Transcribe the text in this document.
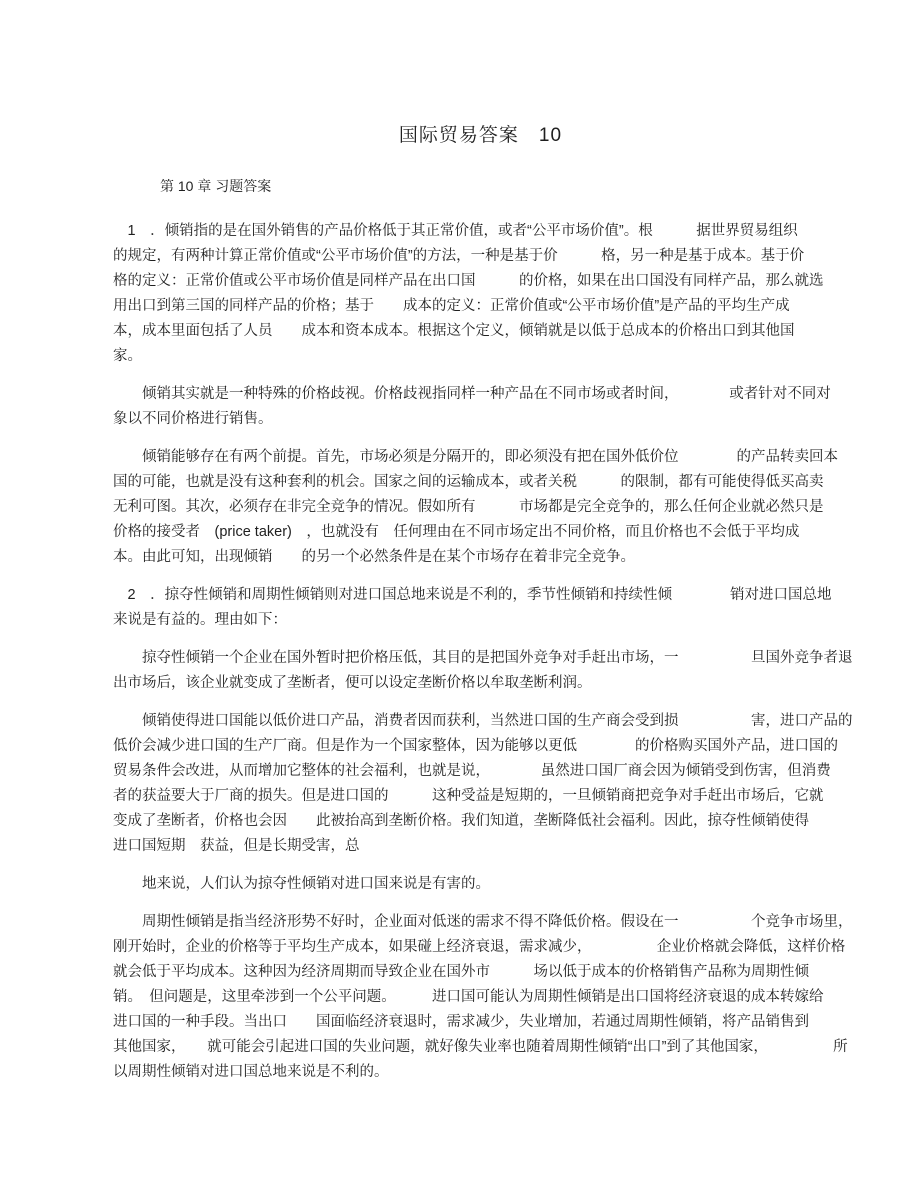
国际贸易答案　10
第 10 章 习题答案

　1　．倾销指的是在国外销售的产品价格低于其正常价值，或者“公平市场价值”。根　　　据世界贸易组织
的规定，有两种计算正常价值或“公平市场价值”的方法，一种是基于价　　　格，另一种是基于成本。基于价
格的定义：正常价值或公平市场价值是同样产品在出口国　　　的价格，如果在出口国没有同样产品，那么就选
用出口到第三国的同样产品的价格；基于　　成本的定义：正常价值或“公平市场价值”是产品的平均生产成
本，成本里面包括了人员　　成本和资本成本。根据这个定义，倾销就是以低于总成本的价格出口到其他国
家。

　　倾销其实就是一种特殊的价格歧视。价格歧视指同样一种产品在不同市场或者时间，　　　　或者针对不同对
象以不同价格进行销售。

　　倾销能够存在有两个前提。首先，市场必须是分隔开的，即必须没有把在国外低价位　　　　的产品转卖回本
国的可能，也就是没有这种套利的机会。国家之间的运输成本，或者关税　　　的限制，都有可能使得低买高卖
无利可图。其次，必须存在非完全竞争的情况。假如所有　　　市场都是完全竞争的，那么任何企业就必然只是
价格的接受者　(price taker)　，也就没有　任何理由在不同市场定出不同价格，而且价格也不会低于平均成
本。由此可知，出现倾销　　的另一个必然条件是在某个市场存在着非完全竞争。

　2　．掠夺性倾销和周期性倾销则对进口国总地来说是不利的，季节性倾销和持续性倾　　　　销对进口国总地
来说是有益的。理由如下：

　　掠夺性倾销一个企业在国外暂时把价格压低，其目的是把国外竞争对手赶出市场，一　　　　　旦国外竞争者退
出市场后，该企业就变成了垄断者，便可以设定垄断价格以牟取垄断利润。

　　倾销使得进口国能以低价进口产品，消费者因而获利，当然进口国的生产商会受到损　　　　　害，进口产品的
低价会减少进口国的生产厂商。但是作为一个国家整体，因为能够以更低　　　　的价格购买国外产品，进口国的
贸易条件会改进，从而增加它整体的社会福利，也就是说，　　　　虽然进口国厂商会因为倾销受到伤害，但消费
者的获益要大于厂商的损失。但是进口国的　　　这种受益是短期的，一旦倾销商把竞争对手赶出市场后，它就
变成了垄断者，价格也会因　　此被抬高到垄断价格。我们知道，垄断降低社会福利。因此，掠夺性倾销使得
进口国短期　获益，但是长期受害，总

　　地来说，人们认为掠夺性倾销对进口国来说是有害的。

　　周期性倾销是指当经济形势不好时，企业面对低迷的需求不得不降低价格。假设在一　　　　　个竞争市场里，
刚开始时，企业的价格等于平均生产成本，如果碰上经济衰退，需求减少，　　　　　企业价格就会降低，这样价格
就会低于平均成本。这种因为经济周期而导致企业在国外市　　　场以低于成本的价格销售产品称为周期性倾
销。　但问题是，这里牵涉到一个公平问题。　　　进口国可能认为周期性倾销是出口国将经济衰退的成本转嫁给
进口国的一种手段。当出口　　国面临经济衰退时，需求减少，失业增加，若通过周期性倾销，将产品销售到
其他国家，　　就可能会引起进口国的失业问题，就好像失业率也随着周期性倾销“出口”到了其他国家，　　　　　所
以周期性倾销对进口国总地来说是不利的。
